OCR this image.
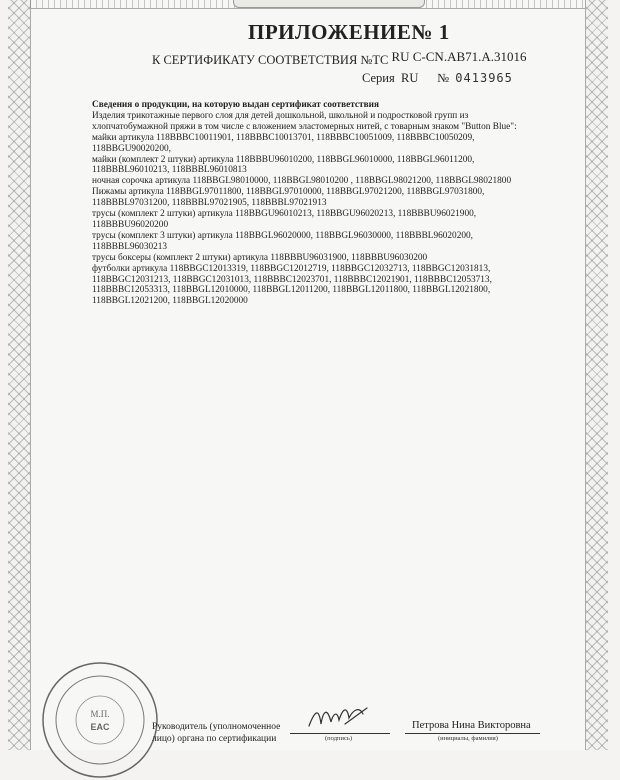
ПРИЛОЖЕНИЕ№ 1
К СЕРТИФИКАТУ СООТВЕТСТВИЯ №ТС RU C-CN.AB71.A.31016
Серия RU № 0413965

Сведения о продукции, на которую выдан сертификат соответствия

Изделия трикотажные первого слоя для детей дошкольной, школьной и подростковой групп из

хлопчатобумажной пряжи в том числе с вложением эластомерных нитей, с товарным знаком "Button Blue":

майки артикула 118BBBC10011901, 118BBBC10013701, 118BBBC10051009, 118BBBC10050209,

118BBGU90020200,

майки (комплект 2 штуки) артикула 118BBBU96010200, 118BBGL96010000, 118BBGL96011200,

118BBBL96010213, 118BBBL96010813

ночная сорочка артикула 118BBGL98010000, 118BBGL98010200 , 118BBGL98021200, 118BBGL98021800

Пижамы артикула 118BBGL97011800, 118BBGL97010000, 118BBGL97021200, 118BBGL97031800,

118BBBL97031200, 118BBBL97021905, 118BBBL97021913

трусы (комплект 2 штуки) артикула 118BBGU96010213, 118BBGU96020213, 118BBBU96021900,

118BBBU96020200

трусы (комплект 3 штуки) артикула 118BBGL96020000, 118BBGL96030000, 118BBBL96020200,

118BBBL96030213

трусы боксеры (комплект 2 штуки) артикула 118BBBU96031900, 118BBBU96030200

футболки артикула 118BBGC12013319, 118BBGC12012719, 118BBGC12032713, 118BBGC12031813,

118BBGC12031213, 118BBGC12031013, 118BBBC12023701, 118BBBC12021901, 118BBBC12053713,

118BBBC12053313, 118BBGL12010000, 118BBGL12011200, 118BBGL12011800, 118BBGL12021800,

118BBGL12021200, 118BBGL12020000

М.П.
EAC	Руководитель (уполномоченное
лицо) органа по сертификации	(подпись)
Петрова Нина Викторовна
(инициалы, фамилия)
